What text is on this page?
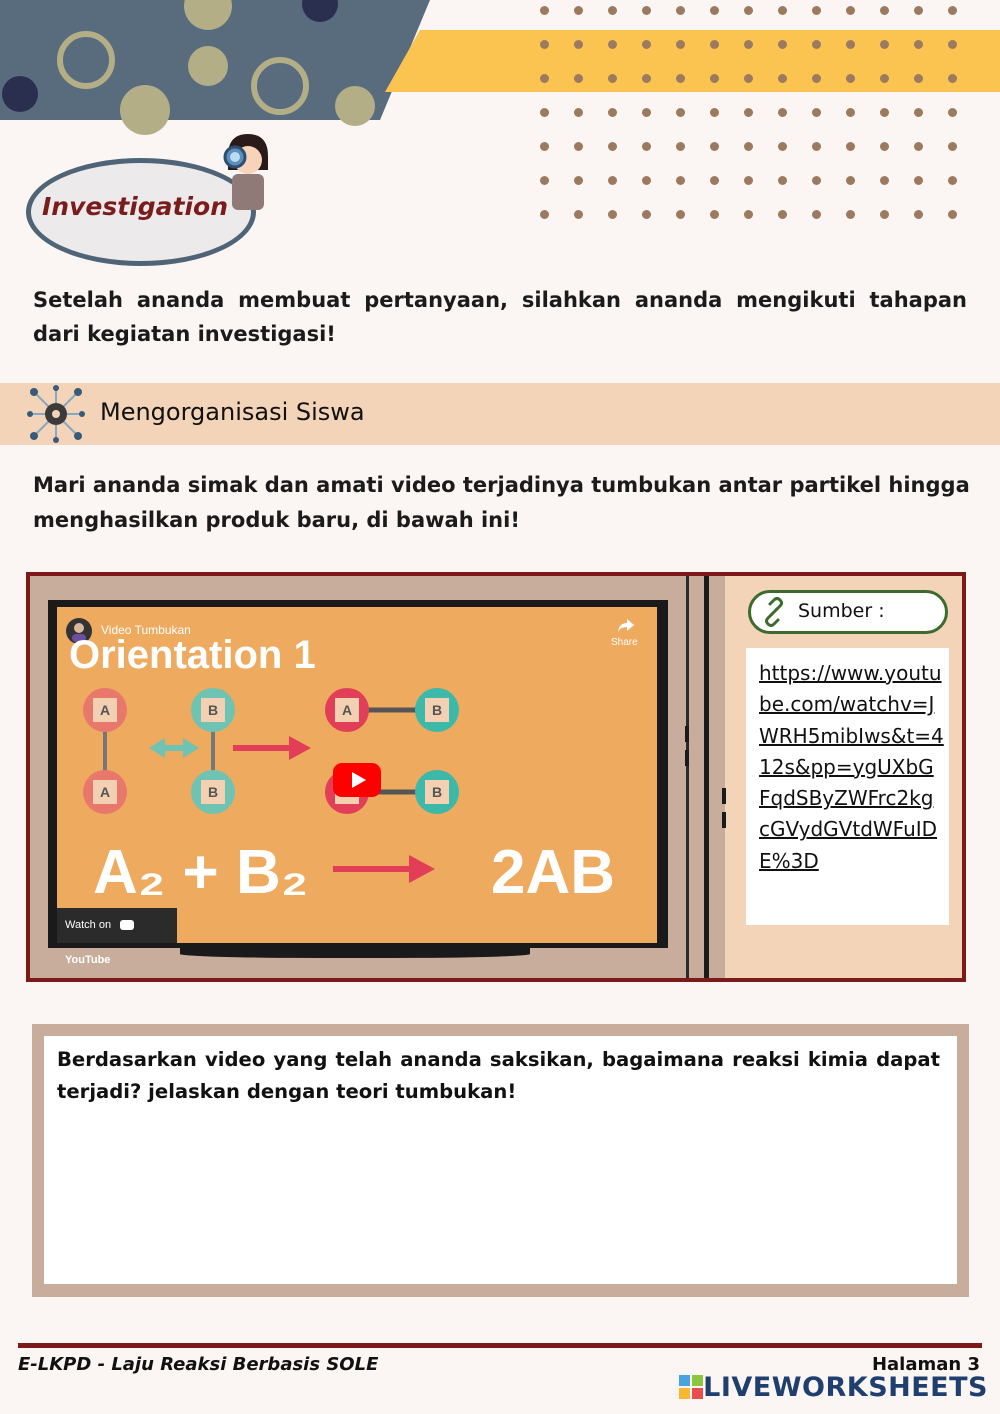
Investigation

Setelah ananda membuat pertanyaan, silahkan ananda mengikuti tahapan dari kegiatan investigasi!

Mengorganisasi Siswa

Mari ananda simak dan amati video terjadinya tumbukan antar partikel hingga menghasilkan produk baru, di bawah ini!

Video Tumbukan
Orientation 1	Share
A
A
B
B
A	B
B
A₂ + B₂	2AB
Watch on  YouTube
Sumber :
https://www.youtube.com/watchv=JWRH5mibIws&t=412s&pp=ygUXbGFqdSByZWFrc2kgcGVydGVtdWFuIDE%3D

Berdasarkan video yang telah ananda saksikan, bagaimana reaksi kimia dapat terjadi? jelaskan dengan teori tumbukan!

E-LKPD - Laju Reaksi Berbasis SOLE	Halaman 3
LIVEWORKSHEETS
